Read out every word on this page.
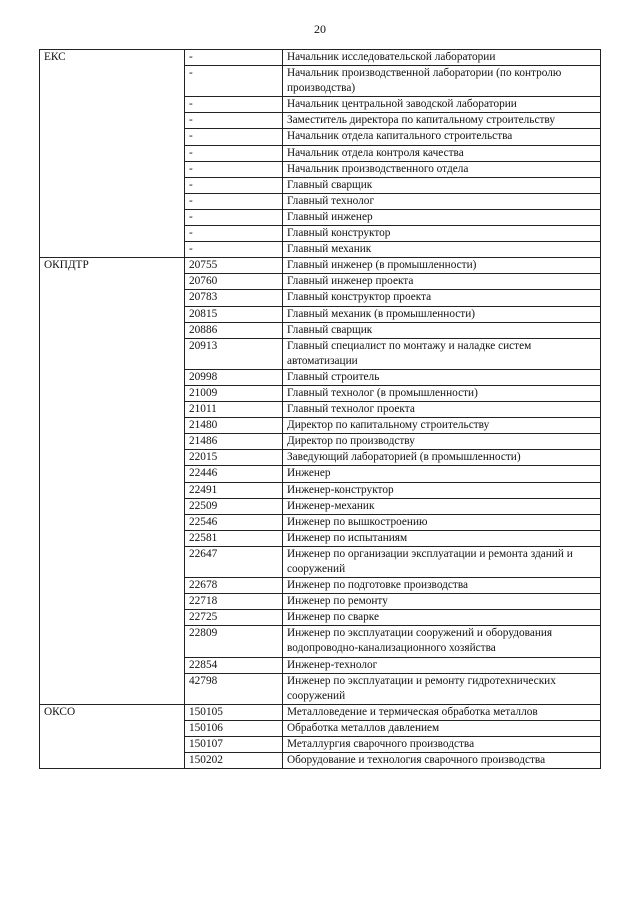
20
ЕКС	-	Начальник исследовательской лаборатории
	-	Начальник производственной лаборатории (по контролю производства)
	-	Начальник центральной заводской лаборатории
	-	Заместитель директора по капитальному строительству
	-	Начальник отдела капитального строительства
	-	Начальник отдела контроля качества
	-	Начальник производственного отдела
	-	Главный сварщик
	-	Главный технолог
	-	Главный инженер
	-	Главный конструктор
	-	Главный механик
ОКПДТР	20755	Главный инженер (в промышленности)
	20760	Главный инженер проекта
	20783	Главный конструктор проекта
	20815	Главный механик (в промышленности)
	20886	Главный сварщик
	20913	Главный специалист по монтажу и наладке систем автоматизации
	20998	Главный строитель
	21009	Главный технолог (в промышленности)
	21011	Главный технолог проекта
	21480	Директор по капитальному строительству
	21486	Директор по производству
	22015	Заведующий лабораторией (в промышленности)
	22446	Инженер
	22491	Инженер-конструктор
	22509	Инженер-механик
	22546	Инженер по вышкостроению
	22581	Инженер по испытаниям
	22647	Инженер по организации эксплуатации и ремонта зданий и сооружений
	22678	Инженер по подготовке производства
	22718	Инженер по ремонту
	22725	Инженер по сварке
	22809	Инженер по эксплуатации сооружений и оборудования водопроводно-канализационного хозяйства
	22854	Инженер-технолог
	42798	Инженер по эксплуатации и ремонту гидротехнических сооружений
ОКСО	150105	Металловедение и термическая обработка металлов
	150106	Обработка металлов давлением
	150107	Металлургия сварочного производства
	150202	Оборудование и технология сварочного производства
